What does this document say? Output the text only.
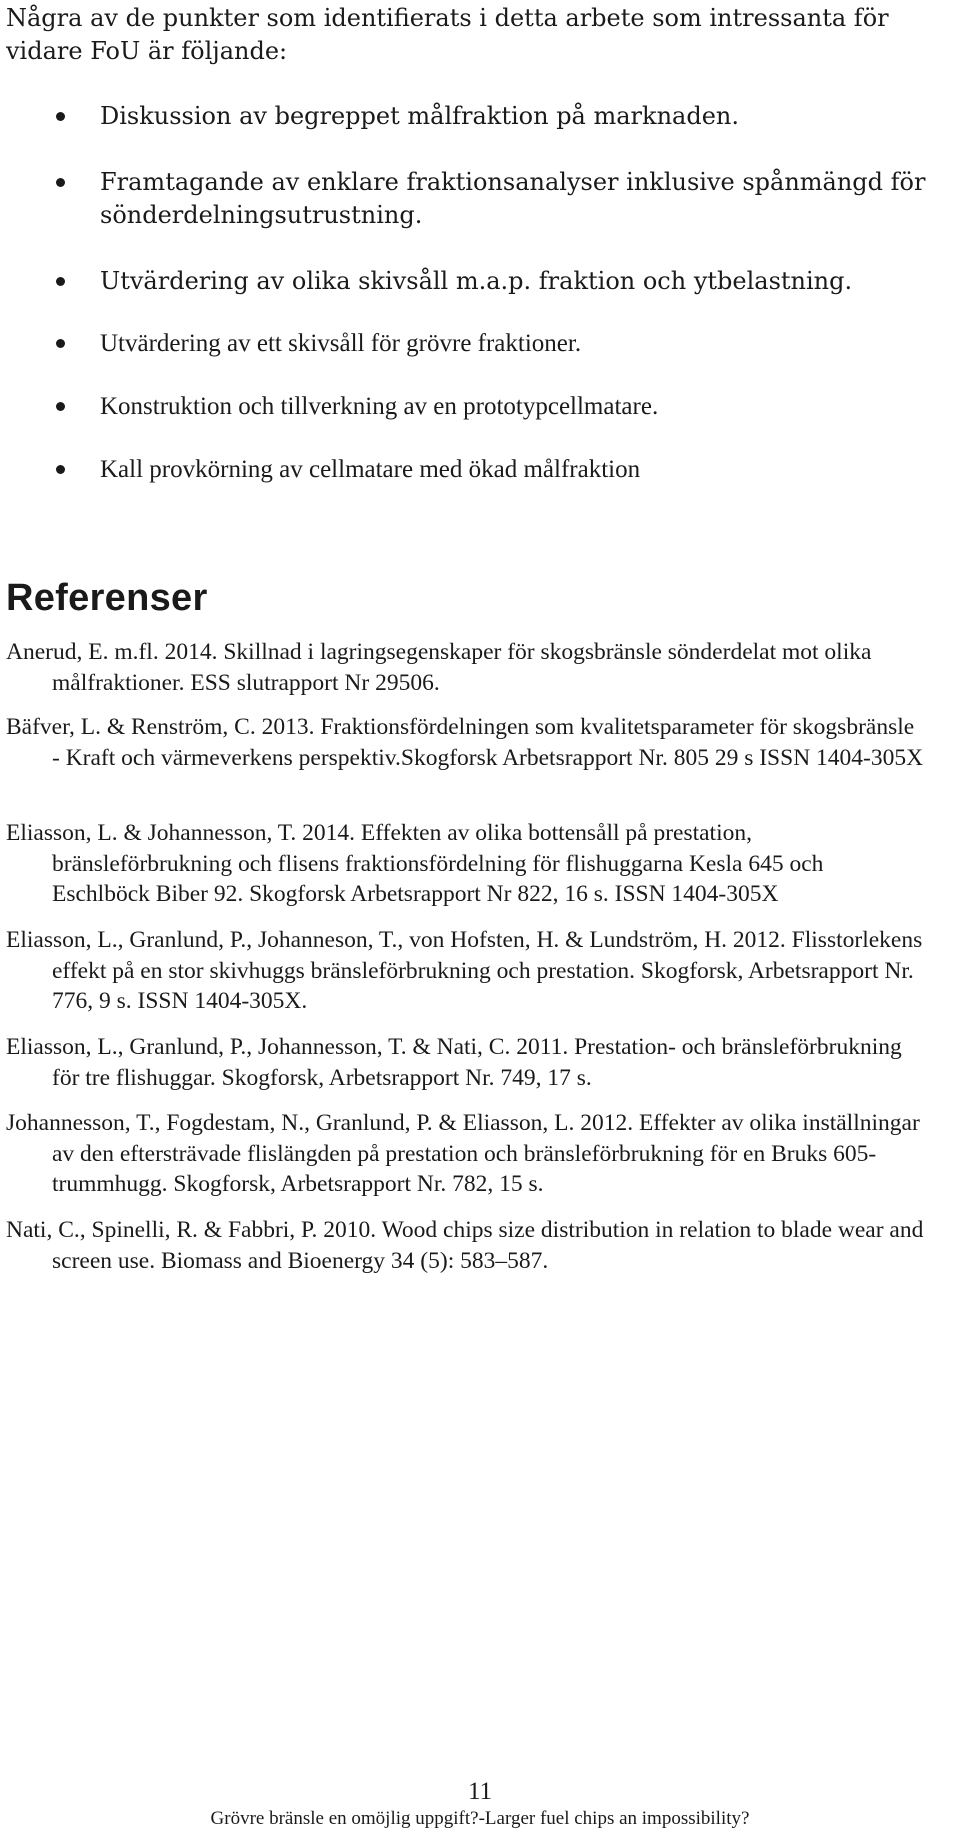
Några av de punkter som identifierats i detta arbete som intressanta för vidare FoU är följande:

Diskussion av begreppet målfraktion på marknaden.
Framtagande av enklare fraktionsanalyser inklusive spånmängd för sönderdelningsutrustning.
Utvärdering av olika skivsåll m.a.p. fraktion och ytbelastning.
Utvärdering av ett skivsåll för grövre fraktioner.
Konstruktion och tillverkning av en prototypcellmatare.
Kall provkörning av cellmatare med ökad målfraktion
Referenser

Anerud, E. m.fl. 2014. Skillnad i lagringsegenskaper för skogsbränsle sönderdelat mot olika målfraktioner. ESS slutrapport Nr 29506.

Bäfver, L. & Renström, C. 2013. Fraktionsfördelningen som kvalitetsparameter för skogsbränsle - Kraft och värmeverkens perspektiv.Skogforsk Arbetsrapport Nr. 805 29 s ISSN 1404-305X

Eliasson, L. & Johannesson, T. 2014. Effekten av olika bottensåll på prestation, bränsleförbrukning och flisens fraktionsfördelning för flishuggarna Kesla 645 och Eschlböck Biber 92. Skogforsk Arbetsrapport Nr 822, 16 s. ISSN 1404-305X

Eliasson, L., Granlund, P., Johanneson, T., von Hofsten, H. & Lundström, H. 2012. Flisstorlekens effekt på en stor skivhuggs bränsleförbrukning och prestation. Skogforsk, Arbetsrapport Nr. 776, 9 s. ISSN 1404-305X.

Eliasson, L., Granlund, P., Johannesson, T. & Nati, C. 2011. Prestation- och bränsleförbrukning för tre flishuggar. Skogforsk, Arbetsrapport Nr. 749, 17 s.

Johannesson, T., Fogdestam, N., Granlund, P. & Eliasson, L. 2012. Effekter av olika inställningar av den eftersträvade flislängden på prestation och bränsleförbrukning för en Bruks 605-trummhugg. Skogforsk, Arbetsrapport Nr. 782, 15 s.

Nati, C., Spinelli, R. & Fabbri, P. 2010. Wood chips size distribution in relation to blade wear and screen use. Biomass and Bioenergy 34 (5): 583–587.

11
Grövre bränsle en omöjlig uppgift?-Larger fuel chips an impossibility?
